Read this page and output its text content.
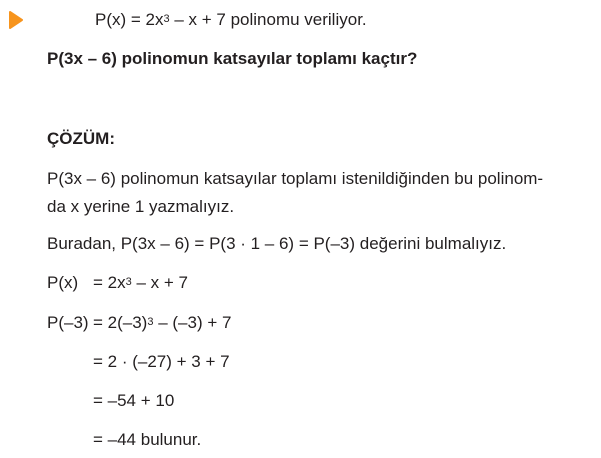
$P(x) = 2x^3 - x + 7$ polinomu veriliyor.
P(3x – 6) polinomun katsayılar toplamı kaçtır?
ÇÖZÜM:
P(3x – 6) polinomun katsayılar toplamı istenildiğinden bu polinom-
da x yerine 1 yazmalıyız.
Buradan, P(3x – 6) = P(3 · 1 – 6) = P(–3) değerini bulmalıyız.
$P(x) = 2x^3 - x + 7$
$P(-3) = 2(-3)^3 - (-3) + 7$
= 2 · (–27) + 3 + 7
= –54 + 10
= –44 bulunur.
